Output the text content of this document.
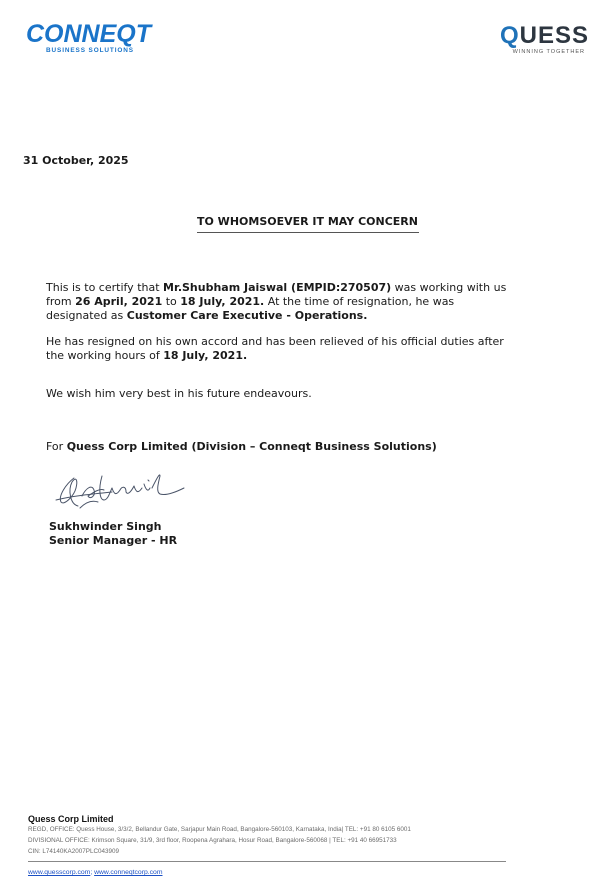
CONNEQT
BUSINESS SOLUTIONS
QUESS
WINNING TOGETHER
31 October, 2025
TO WHOMSOEVER IT MAY CONCERN
This is to certify that Mr.Shubham Jaiswal (EMPID:270507) was working with us from 26 April, 2021 to 18 July, 2021. At the time of resignation, he was designated as Customer Care Executive - Operations.
He has resigned on his own accord and has been relieved of his official duties after the working hours of 18 July, 2021.
We wish him very best in his future endeavours.
For Quess Corp Limited (Division – Conneqt Business Solutions)
Sukhwinder Singh
Senior Manager - HR
Quess Corp Limited
REGD, OFFICE: Quess House, 3/3/2, Bellandur Gate, Sarjapur Main Road, Bangalore-560103, Karnataka, India| TEL: +91 80 6105 6001
DIVISIONAL OFFICE: Krimson Square, 31/9, 3rd floor, Roopena Agrahara, Hosur Road, Bangalore-560068 | TEL: +91 40 66951733
CIN: L74140KA2007PLC043909
www.quesscorp.com; www.conneqtcorp.com
